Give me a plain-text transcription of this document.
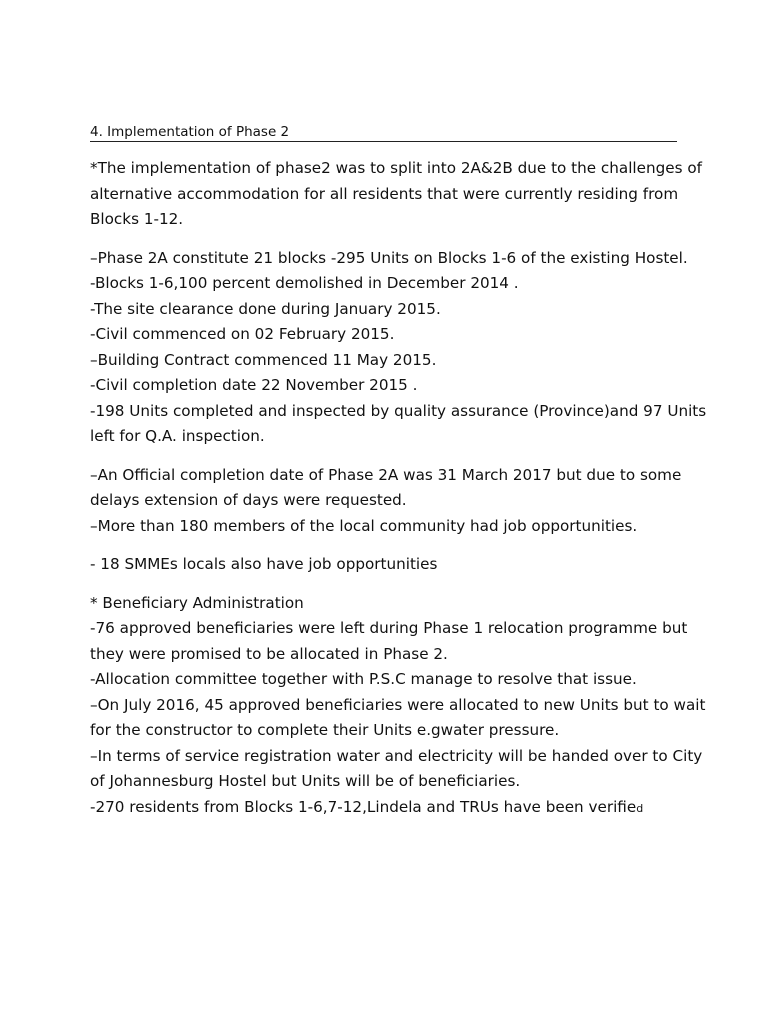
4. Implementation of Phase 2

*The implementation of phase2 was to split into 2A&2B due to the challenges of
alternative accommodation for all residents that were currently residing from
Blocks 1-12.

–Phase 2A constitute 21 blocks -295 Units on Blocks 1-6 of the existing Hostel.
-Blocks 1-6,100 percent demolished in December 2014 .
-The site clearance done during January 2015.
-Civil commenced on 02 February 2015.
–Building Contract commenced 11 May 2015.
-Civil completion date 22 November 2015 .
-198 Units completed and inspected by quality assurance (Province)and 97 Units
left for Q.A. inspection.

–An Official completion date of Phase 2A was 31 March 2017 but due to some
delays extension of days were requested.
–More than 180 members of the local community had job opportunities.

- 18 SMMEs locals also have job opportunities

* Beneficiary Administration
-76 approved beneficiaries were left during Phase 1 relocation programme but
they were promised to be allocated in Phase 2.
-Allocation committee together with P.S.C manage to resolve that issue.
–On July 2016, 45 approved beneficiaries were allocated to new Units but to wait
for the constructor to complete their Units e.gwater pressure.
–In terms of service registration water and electricity will be handed over to City
of Johannesburg Hostel but Units will be of beneficiaries.
-270 residents from Blocks 1-6,7-12,Lindela and TRUs have been verified
